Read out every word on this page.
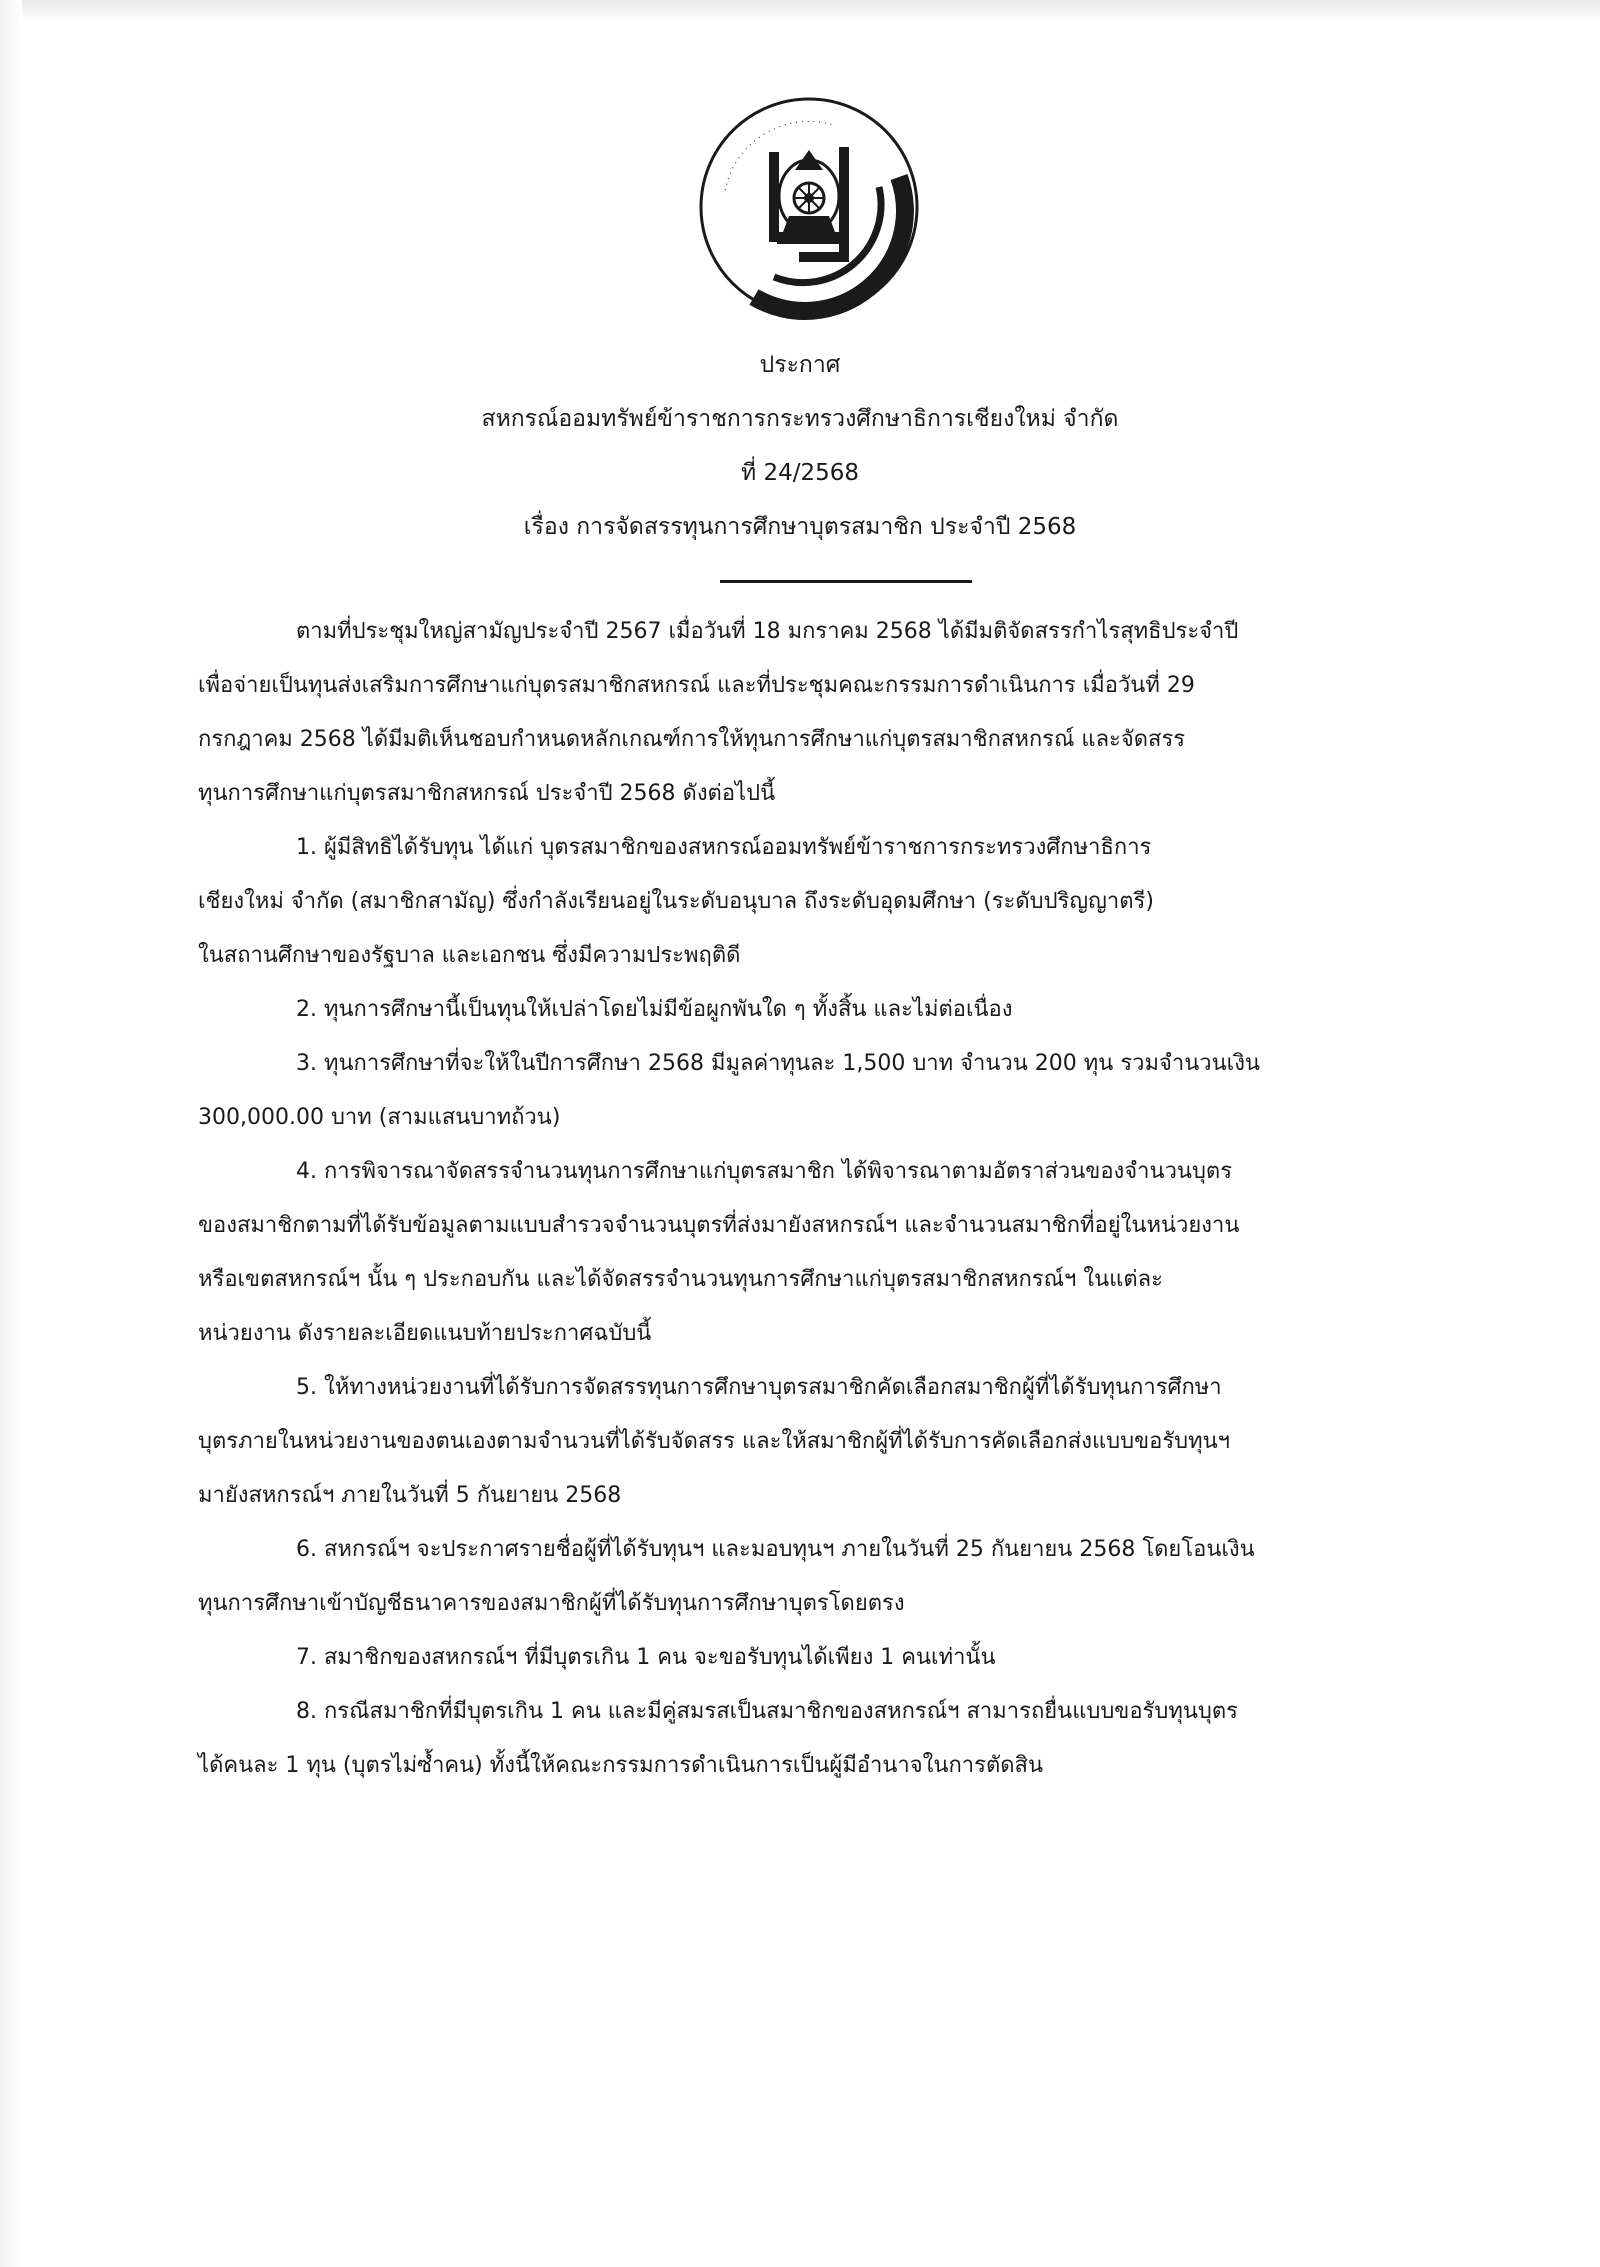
. . . . . . . . . . . . . . . . . . . . . . . . .
ประกาศ
สหกรณ์ออมทรัพย์ข้าราชการกระทรวงศึกษาธิการเชียงใหม่ จำกัด
ที่ 24/2568
เรื่อง การจัดสรรทุนการศึกษาบุตรสมาชิก ประจำปี 2568

ตามที่ประชุมใหญ่สามัญประจำปี 2567 เมื่อวันที่ 18 มกราคม 2568 ได้มีมติจัดสรรกำไรสุทธิประจำปี

เพื่อจ่ายเป็นทุนส่งเสริมการศึกษาแก่บุตรสมาชิกสหกรณ์ และที่ประชุมคณะกรรมการดำเนินการ เมื่อวันที่ 29

กรกฎาคม 2568 ได้มีมติเห็นชอบกำหนดหลักเกณฑ์การให้ทุนการศึกษาแก่บุตรสมาชิกสหกรณ์ และจัดสรร

ทุนการศึกษาแก่บุตรสมาชิกสหกรณ์ ประจำปี 2568 ดังต่อไปนี้

1. ผู้มีสิทธิได้รับทุน ได้แก่ บุตรสมาชิกของสหกรณ์ออมทรัพย์ข้าราชการกระทรวงศึกษาธิการ
เชียงใหม่ จำกัด (สมาชิกสามัญ) ซึ่งกำลังเรียนอยู่ในระดับอนุบาล ถึงระดับอุดมศึกษา (ระดับปริญญาตรี)
ในสถานศึกษาของรัฐบาล และเอกชน ซึ่งมีความประพฤติดี
2. ทุนการศึกษานี้เป็นทุนให้เปล่าโดยไม่มีข้อผูกพันใด ๆ ทั้งสิ้น และไม่ต่อเนื่อง
3. ทุนการศึกษาที่จะให้ในปีการศึกษา 2568 มีมูลค่าทุนละ 1,500 บาท จำนวน 200 ทุน รวมจำนวนเงิน
300,000.00 บาท (สามแสนบาทถ้วน)
4. การพิจารณาจัดสรรจำนวนทุนการศึกษาแก่บุตรสมาชิก ได้พิจารณาตามอัตราส่วนของจำนวนบุตร
ของสมาชิกตามที่ได้รับข้อมูลตามแบบสำรวจจำนวนบุตรที่ส่งมายังสหกรณ์ฯ และจำนวนสมาชิกที่อยู่ในหน่วยงาน
หรือเขตสหกรณ์ฯ นั้น ๆ ประกอบกัน และได้จัดสรรจำนวนทุนการศึกษาแก่บุตรสมาชิกสหกรณ์ฯ ในแต่ละ
หน่วยงาน ดังรายละเอียดแนบท้ายประกาศฉบับนี้
5. ให้ทางหน่วยงานที่ได้รับการจัดสรรทุนการศึกษาบุตรสมาชิกคัดเลือกสมาชิกผู้ที่ได้รับทุนการศึกษา
บุตรภายในหน่วยงานของตนเองตามจำนวนที่ได้รับจัดสรร และให้สมาชิกผู้ที่ได้รับการคัดเลือกส่งแบบขอรับทุนฯ
มายังสหกรณ์ฯ ภายในวันที่ 5 กันยายน 2568
6. สหกรณ์ฯ จะประกาศรายชื่อผู้ที่ได้รับทุนฯ และมอบทุนฯ ภายในวันที่ 25 กันยายน 2568 โดยโอนเงิน
ทุนการศึกษาเข้าบัญชีธนาคารของสมาชิกผู้ที่ได้รับทุนการศึกษาบุตรโดยตรง
7. สมาชิกของสหกรณ์ฯ ที่มีบุตรเกิน 1 คน จะขอรับทุนได้เพียง 1 คนเท่านั้น
8. กรณีสมาชิกที่มีบุตรเกิน 1 คน และมีคู่สมรสเป็นสมาชิกของสหกรณ์ฯ สามารถยื่นแบบขอรับทุนบุตร
ได้คนละ 1 ทุน (บุตรไม่ซ้ำคน) ทั้งนี้ให้คณะกรรมการดำเนินการเป็นผู้มีอำนาจในการตัดสิน
